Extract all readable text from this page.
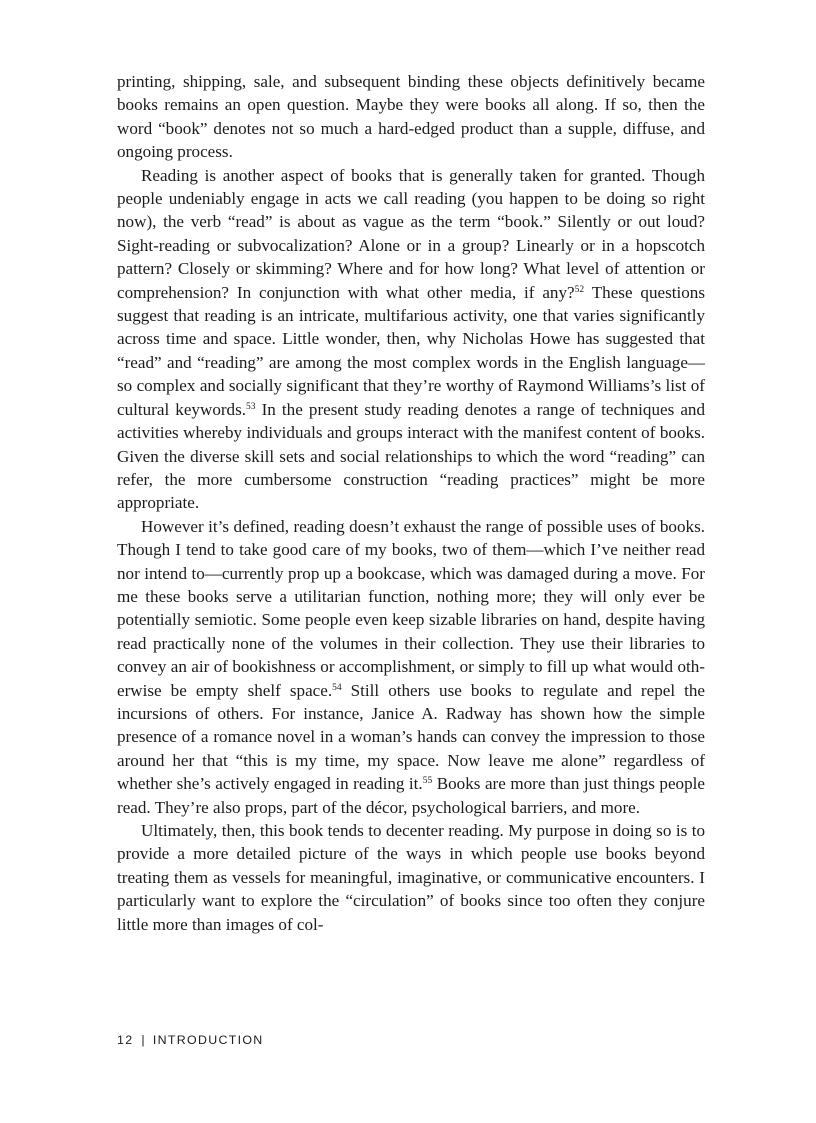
printing, shipping, sale, and subsequent binding these objects definitively became books remains an open question. Maybe they were books all along. If so, then the word “book” denotes not so much a hard-edged product than a supple, diffuse, and ongoing process.

Reading is another aspect of books that is generally taken for granted. Though people undeniably engage in acts we call reading (you happen to be doing so right now), the verb “read” is about as vague as the term “book.” Silently or out loud? Sight-reading or subvocalization? Alone or in a group? Linearly or in a hopscotch pattern? Closely or skimming? Where and for how long? What level of attention or comprehension? In conjunction with what other media, if any?$^{52}$ These questions suggest that reading is an intricate, multifarious activity, one that varies significantly across time and space. Little wonder, then, why Nicholas Howe has suggested that “read” and “reading” are among the most complex words in the English language—so complex and socially significant that they’re worthy of Raymond Williams’s list of cultural keywords.$^{53}$ In the present study reading denotes a range of techniques and activities whereby individuals and groups interact with the manifest content of books. Given the diverse skill sets and social relationships to which the word “reading” can refer, the more cumbersome construction “reading practices” might be more appropriate.

However it’s defined, reading doesn’t exhaust the range of possible uses of books. Though I tend to take good care of my books, two of them—which I’ve neither read nor intend to—currently prop up a bookcase, which was damaged during a move. For me these books serve a utilitarian function, nothing more; they will only ever be potentially semiotic. Some people even keep sizable libraries on hand, despite having read practically none of the volumes in their collection. They use their libraries to convey an air of bookishness or accomplishment, or simply to fill up what would otherwise be empty shelf space.$^{54}$ Still others use books to regulate and repel the incursions of others. For instance, Janice A. Radway has shown how the simple presence of a romance novel in a woman’s hands can convey the impression to those around her that “this is my time, my space. Now leave me alone” regardless of whether she’s actively engaged in reading it.$^{55}$ Books are more than just things people read. They’re also props, part of the décor, psychological barriers, and more.

Ultimately, then, this book tends to decenter reading. My purpose in doing so is to provide a more detailed picture of the ways in which people use books beyond treating them as vessels for meaningful, imaginative, or communicative encounters. I particularly want to explore the “circulation” of books since too often they conjure little more than images of col-

12 | INTRODUCTION
